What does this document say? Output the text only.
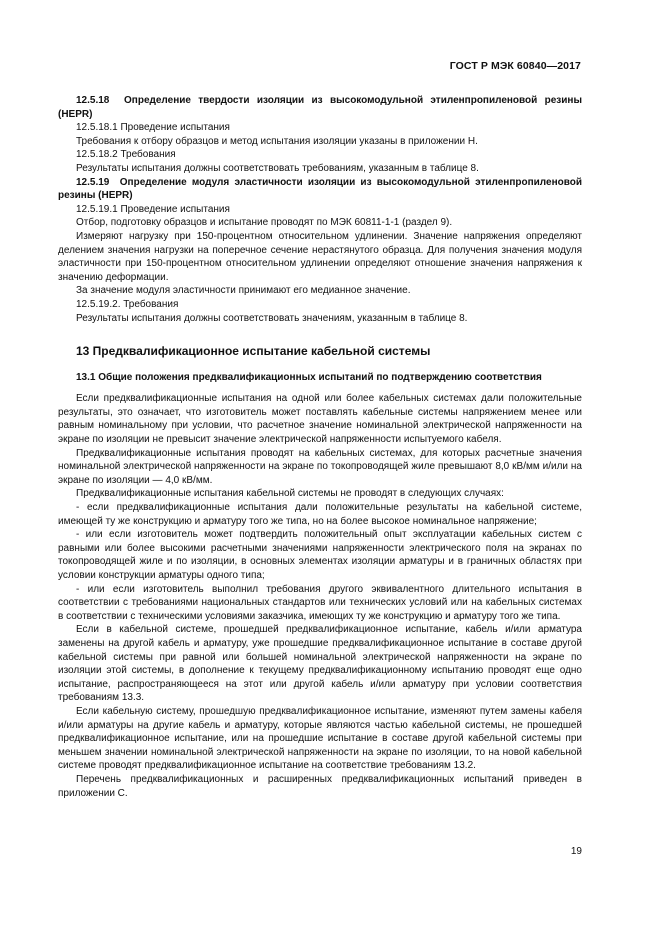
ГОСТ Р МЭК 60840—2017

12.5.18 Определение твердости изоляции из высокомодульной этиленпропиленовой резины (HEPR)

12.5.18.1 Проведение испытания

Требования к отбору образцов и метод испытания изоляции указаны в приложении Н.

12.5.18.2 Требования

Результаты испытания должны соответствовать требованиям, указанным в таблице 8.

12.5.19 Определение модуля эластичности изоляции из высокомодульной этиленпропиленовой резины (HEPR)

12.5.19.1 Проведение испытания

Отбор, подготовку образцов и испытание проводят по МЭК 60811-1-1 (раздел 9).

Измеряют нагрузку при 150-процентном относительном удлинении. Значение напряжения определяют делением значения нагрузки на поперечное сечение нерастянутого образца. Для получения значения модуля эластичности при 150-процентном относительном удлинении определяют отношение значения напряжения к значению деформации.

За значение модуля эластичности принимают его медианное значение.

12.5.19.2. Требования

Результаты испытания должны соответствовать значениям, указанным в таблице 8.

13 Предквалификационное испытание кабельной системы
13.1 Общие положения предквалификационных испытаний по подтверждению соответствия

Если предквалификационные испытания на одной или более кабельных системах дали положительные результаты, это означает, что изготовитель может поставлять кабельные системы напряжением менее или равным номинальному при условии, что расчетное значение номинальной электрической напряженности на экране по изоляции не превысит значение электрической напряженности испытуемого кабеля.

Предквалификационные испытания проводят на кабельных системах, для которых расчетные значения номинальной электрической напряженности на экране по токопроводящей жиле превышают 8,0 кВ/мм и/или на экране по изоляции — 4,0 кВ/мм.

Предквалификационные испытания кабельной системы не проводят в следующих случаях:

- если предквалификационные испытания дали положительные результаты на кабельной системе, имеющей ту же конструкцию и арматуру того же типа, но на более высокое номинальное напряжение;

- или если изготовитель может подтвердить положительный опыт эксплуатации кабельных систем с равными или более высокими расчетными значениями напряженности электрического поля на экранах по токопроводящей жиле и по изоляции, в основных элементах изоляции арматуры и в граничных областях при условии конструкции арматуры одного типа;

- или если изготовитель выполнил требования другого эквивалентного длительного испытания в соответствии с требованиями национальных стандартов или технических условий или на кабельных системах в соответствии с техническими условиями заказчика, имеющих ту же конструкцию и арматуру того же типа.

Если в кабельной системе, прошедшей предквалификационное испытание, кабель и/или арматура заменены на другой кабель и арматуру, уже прошедшие предквалификационное испытание в составе другой кабельной системы при равной или большей номинальной электрической напряженности на экране по изоляции этой системы, в дополнение к текущему предквалификационному испытанию проводят еще одно испытание, распространяющееся на этот или другой кабель и/или арматуру при условии соответствия требованиям 13.3.

Если кабельную систему, прошедшую предквалификационное испытание, изменяют путем замены кабеля и/или арматуры на другие кабель и арматуру, которые являются частью кабельной системы, не прошедшей предквалификационное испытание, или на прошедшие испытание в составе другой кабельной системы при меньшем значении номинальной электрической напряженности на экране по изоляции, то на новой кабельной системе проводят предквалификационное испытание на соответствие требованиям 13.2.

Перечень предквалификационных и расширенных предквалификационных испытаний приведен в приложении С.

19
